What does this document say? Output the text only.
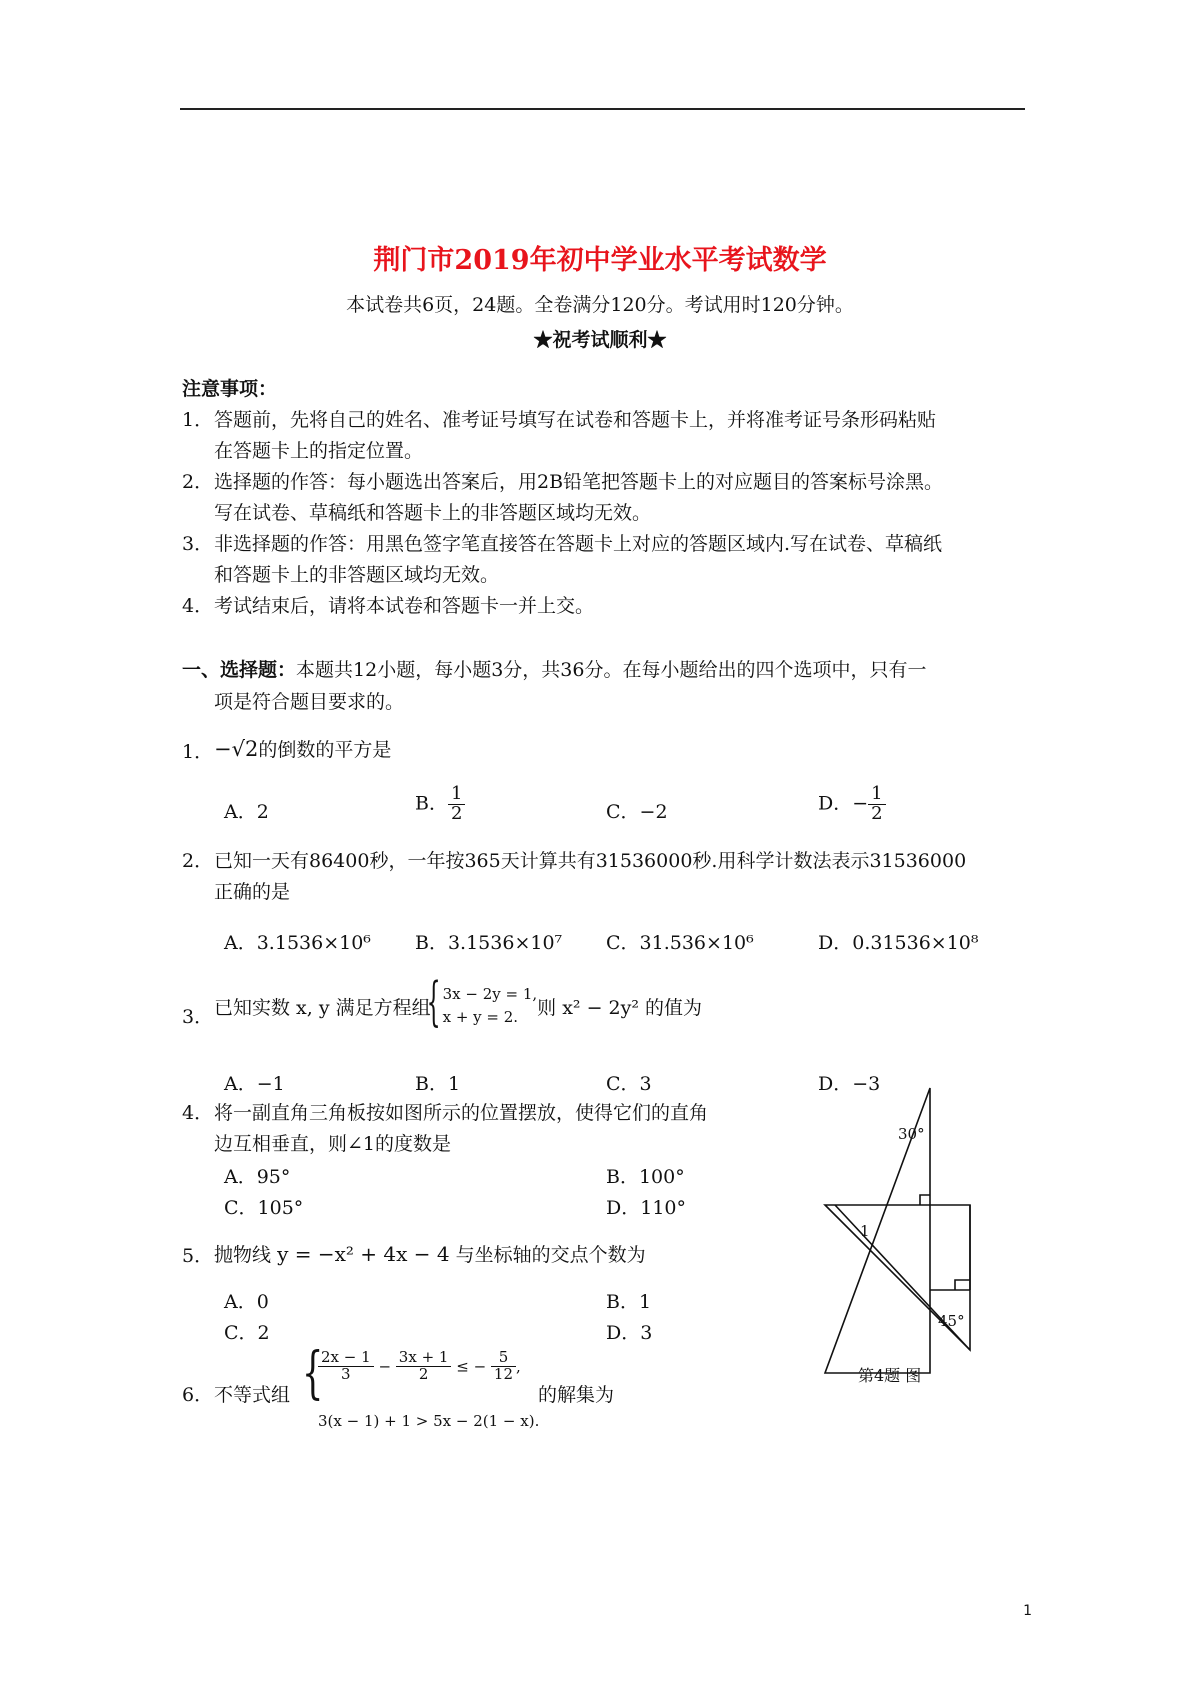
荆门市2019年初中学业水平考试数学
本试卷共6页，24题。全卷满分120分。考试用时120分钟。
★祝考试顺利★
注意事项：
1． 答题前，先将自己的姓名、准考证号填写在试卷和答题卡上，并将准考证号条形码粘贴
在答题卡上的指定位置。
2． 选择题的作答：每小题选出答案后，用2B铅笔把答题卡上的对应题目的答案标号涂黑。
写在试卷、草稿纸和答题卡上的非答题区域均无效。
3． 非选择题的作答：用黑色签字笔直接答在答题卡上对应的答题区域内.写在试卷、草稿纸
和答题卡上的非答题区域均无效。
4． 考试结束后，请将本试卷和答题卡一并上交。
一、选择题：本题共12小题，每小题3分，共36分。在每小题给出的四个选项中，只有一
项是符合题目要求的。
1． −√2的倒数的平方是
A．2	B． $\frac{1}{2}$	C．−2	D．− $\frac{1}{2}$
2． 已知一天有86400秒，一年按365天计算共有31536000秒.用科学计数法表示31536000
正确的是
A．3.1536×10⁶ B．3.1536×10⁷ C．31.536×10⁶	D．0.31536×10⁸
3． 已知实数 x, y 满足方程组
{ 3x − 2y = 1,
x + y = 2.	则 x² − 2y² 的值为
A．−1	B．1	C．3	D．−3
4． 将一副直角三角板按如图所示的位置摆放，使得它们的直角
边互相垂直，则∠1的度数是
A．95°	B．100°
C．105°	D．110°
30°
1
45°
第4题 图
5． 抛物线 y = −x² + 4x − 4 与坐标轴的交点个数为
A．0	B．1
C．2	D．3
6． 不等式组 {
$\frac{2x - 1}{3} - \frac{3x + 1}{2}$ ≤ − $\frac{5}{12}$ ,
3(x − 1) + 1 > 5x − 2(1 − x).
的解集为
1
